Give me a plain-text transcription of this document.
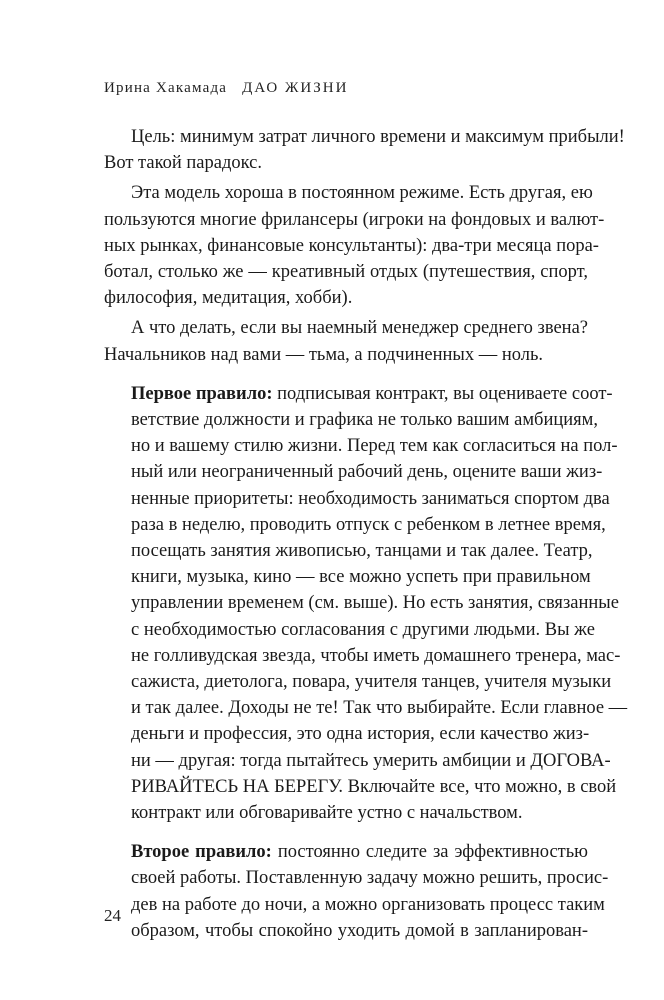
Ирина Хакамада ДАО ЖИЗНИ
Цель: минимум затрат личного времени и максимум прибыли!
Вот такой парадокс.
Эта модель хороша в постоянном режиме. Есть другая, ею
пользуются многие фрилансеры (игроки на фондовых и валют-
ных рынках, финансовые консультанты): два-три месяца пора-
ботал, столько же — креативный отдых (путешествия, спорт,
философия, медитация, хобби).
А что делать, если вы наемный менеджер среднего звена?
Начальников над вами — тьма, а подчиненных — ноль.
Первое правило: подписывая контракт, вы оцениваете соот-
ветствие должности и графика не только вашим амбициям,
но и вашему стилю жизни. Перед тем как согласиться на пол-
ный или неограниченный рабочий день, оцените ваши жиз-
ненные приоритеты: необходимость заниматься спортом два
раза в неделю, проводить отпуск с ребенком в летнее время,
посещать занятия живописью, танцами и так далее. Театр,
книги, музыка, кино — все можно успеть при правильном
управлении временем (см. выше). Но есть занятия, связанные
с необходимостью согласования с другими людьми. Вы же
не голливудская звезда, чтобы иметь домашнего тренера, мас-
сажиста, диетолога, повара, учителя танцев, учителя музыки
и так далее. Доходы не те! Так что выбирайте. Если главное —
деньги и профессия, это одна история, если качество жиз-
ни — другая: тогда пытайтесь умерить амбиции и ДОГОВА-
РИВАЙТЕСЬ НА БЕРЕГУ. Включайте все, что можно, в свой
контракт или обговаривайте устно с начальством.
Второе правило: постоянно следите за эффективностью
своей работы. Поставленную задачу можно решить, просис-
дев на работе до ночи, а можно организовать процесс таким
образом, чтобы спокойно уходить домой в запланирован-
24
